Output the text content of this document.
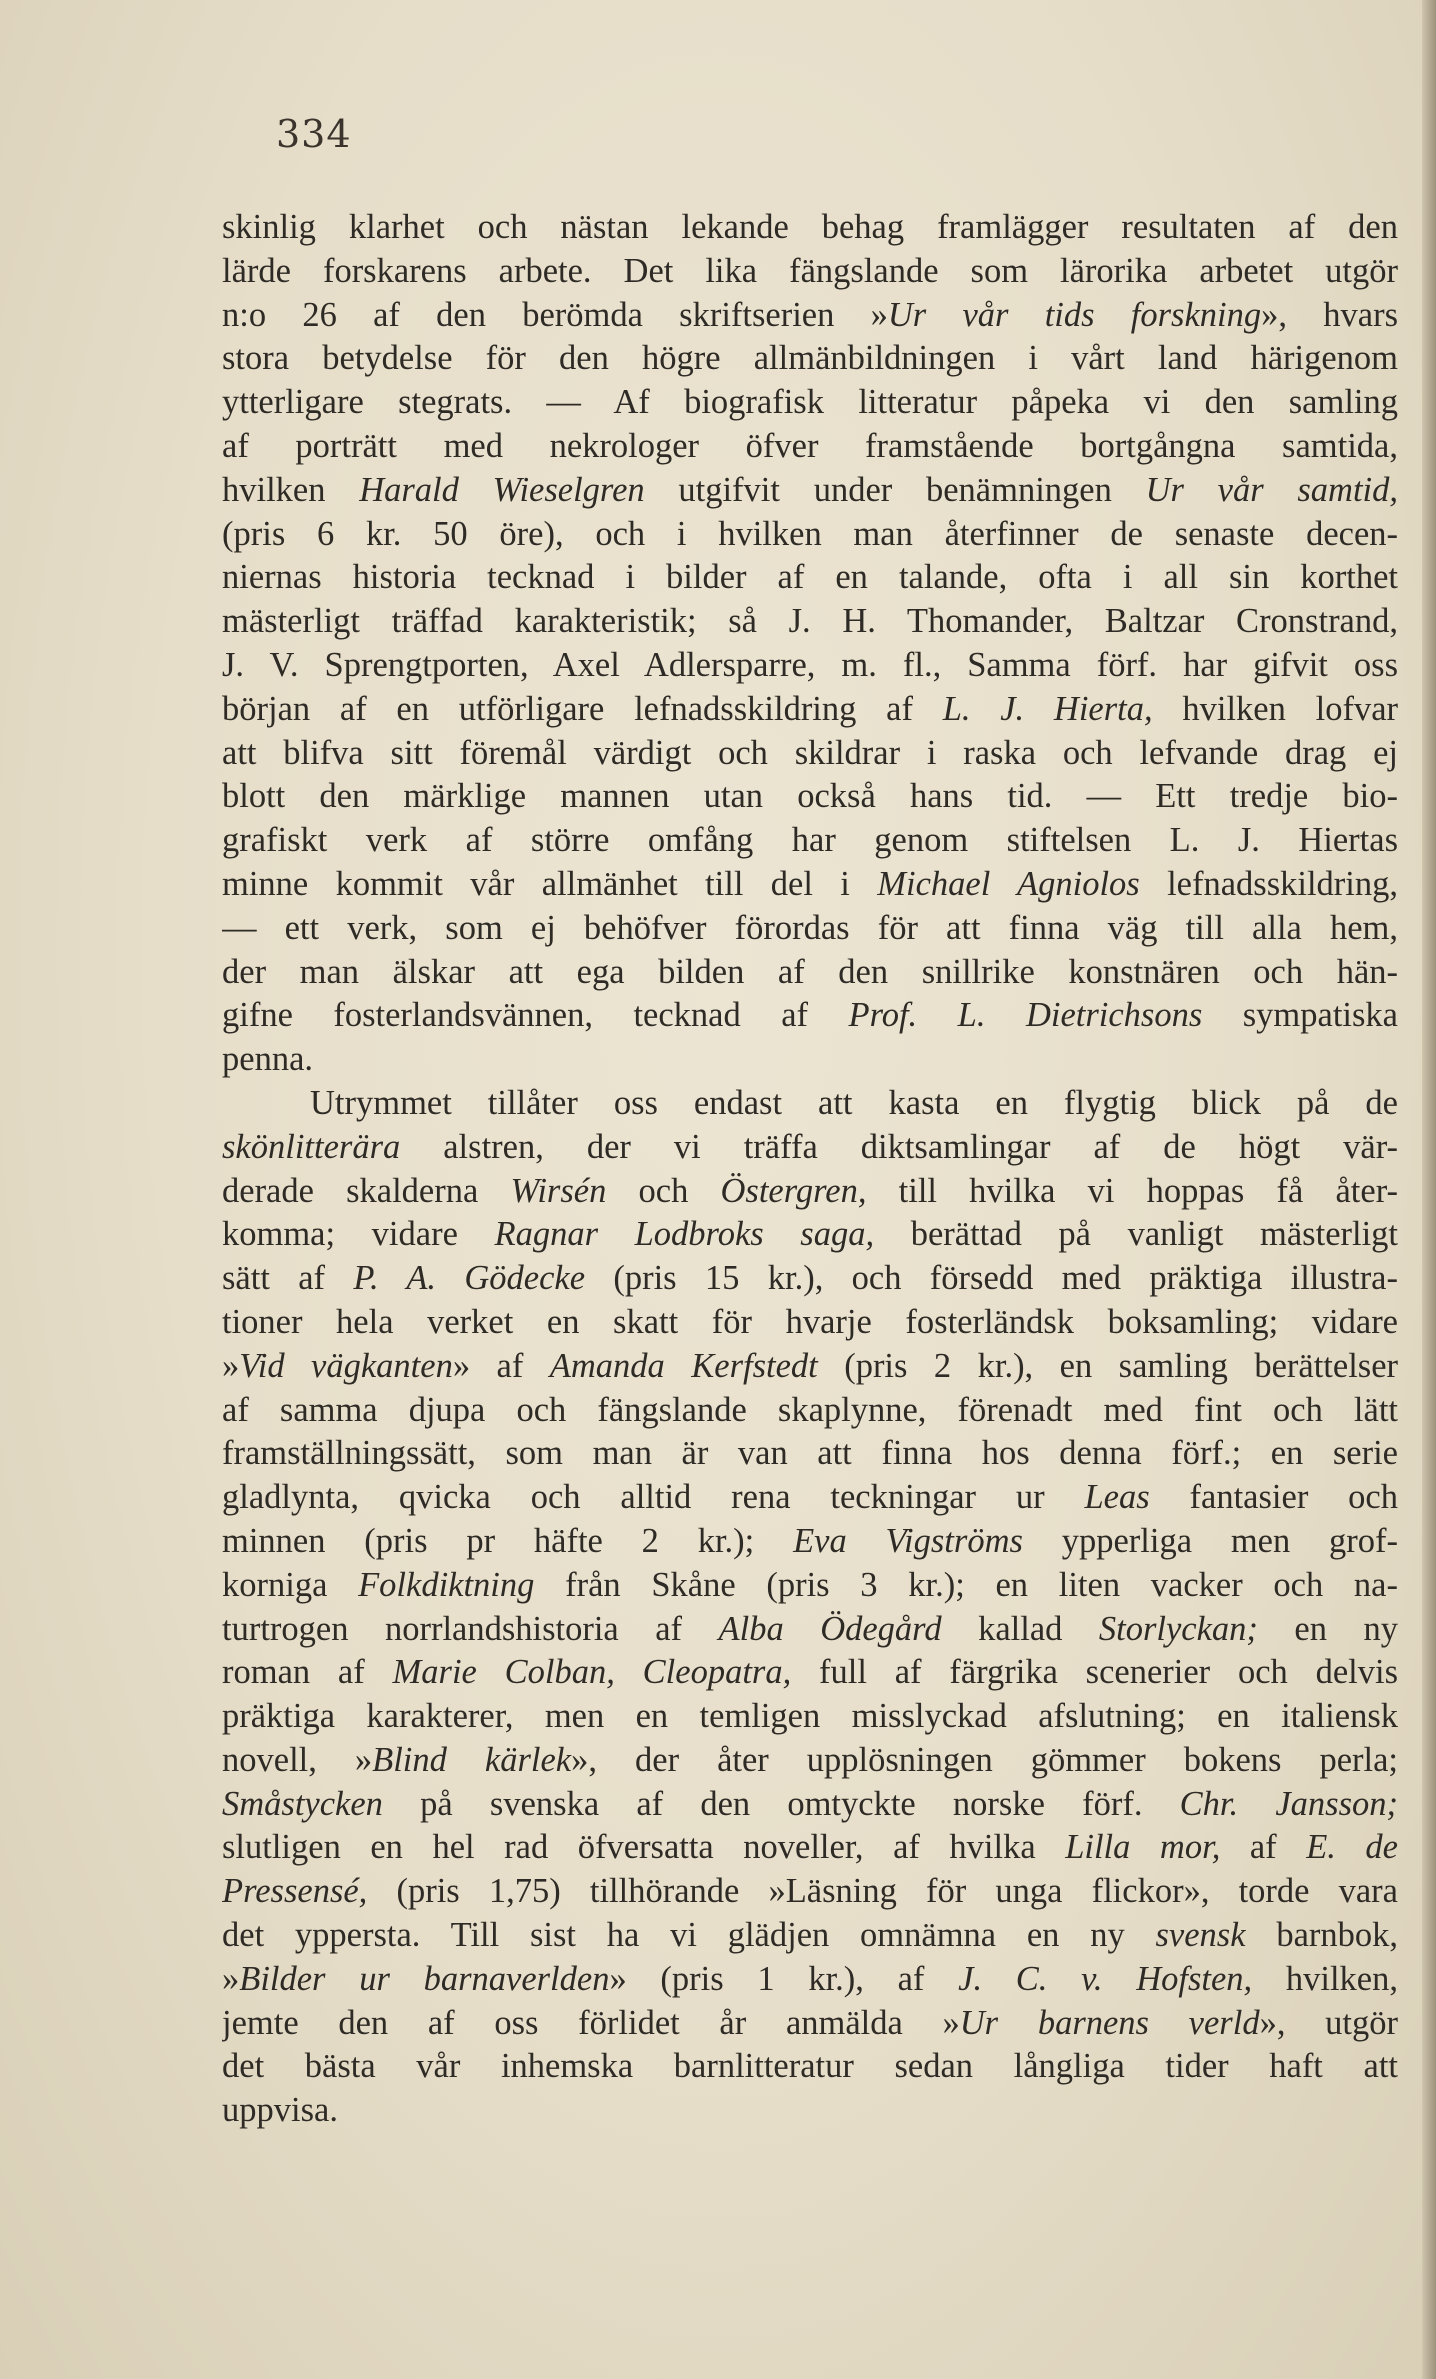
334
skinlig klarhet och nästan lekande behag framlägger resultaten af den
lärde forskarens arbete. Det lika fängslande som lärorika arbetet utgör
n:o 26 af den berömda skriftserien »Ur vår tids forskning», hvars
stora betydelse för den högre allmänbildningen i vårt land härigenom
ytterligare stegrats. — Af biografisk litteratur påpeka vi den samling
af porträtt med nekrologer öfver framstående bortgångna samtida,
hvilken Harald Wieselgren utgifvit under benämningen Ur vår samtid,
(pris 6 kr. 50 öre), och i hvilken man återfinner de senaste decen-
niernas historia tecknad i bilder af en talande, ofta i all sin korthet
mästerligt träffad karakteristik; så J. H. Thomander, Baltzar Cronstrand,
J. V. Sprengtporten, Axel Adlersparre, m. fl., Samma förf. har gifvit oss
början af en utförligare lefnadsskildring af L. J. Hierta, hvilken lofvar
att blifva sitt föremål värdigt och skildrar i raska och lefvande drag ej
blott den märklige mannen utan också hans tid. — Ett tredje bio-
grafiskt verk af större omfång har genom stiftelsen L. J. Hiertas
minne kommit vår allmänhet till del i Michael Agniolos lefnadsskildring,
— ett verk, som ej behöfver förordas för att finna väg till alla hem,
der man älskar att ega bilden af den snillrike konstnären och hän-
gifne fosterlandsvännen, tecknad af Prof. L. Dietrichsons sympatiska
penna.
Utrymmet tillåter oss endast att kasta en flygtig blick på de
skönlitterära alstren, der vi träffa diktsamlingar af de högt vär-
derade skalderna Wirsén och Östergren, till hvilka vi hoppas få åter-
komma; vidare Ragnar Lodbroks saga, berättad på vanligt mästerligt
sätt af P. A. Gödecke (pris 15 kr.), och försedd med präktiga illustra-
tioner hela verket en skatt för hvarje fosterländsk boksamling; vidare
»Vid vägkanten» af Amanda Kerfstedt (pris 2 kr.), en samling berättelser
af samma djupa och fängslande skaplynne, förenadt med fint och lätt
framställningssätt, som man är van att finna hos denna förf.; en serie
gladlynta, qvicka och alltid rena teckningar ur Leas fantasier och
minnen (pris pr häfte 2 kr.); Eva Vigströms ypperliga men grof-
korniga Folkdiktning från Skåne (pris 3 kr.); en liten vacker och na-
turtrogen norrlandshistoria af Alba Ödegård kallad Storlyckan; en ny
roman af Marie Colban, Cleopatra, full af färgrika scenerier och delvis
präktiga karakterer, men en temligen misslyckad afslutning; en italiensk
novell, »Blind kärlek», der åter upplösningen gömmer bokens perla;
Småstycken på svenska af den omtyckte norske förf. Chr. Jansson;
slutligen en hel rad öfversatta noveller, af hvilka Lilla mor, af E. de
Pressensé, (pris 1,75) tillhörande »Läsning för unga flickor», torde vara
det yppersta. Till sist ha vi glädjen omnämna en ny svensk barnbok,
»Bilder ur barnaverlden» (pris 1 kr.), af J. C. v. Hofsten, hvilken,
jemte den af oss förlidet år anmälda »Ur barnens verld», utgör
det bästa vår inhemska barnlitteratur sedan långliga tider haft att
uppvisa.
